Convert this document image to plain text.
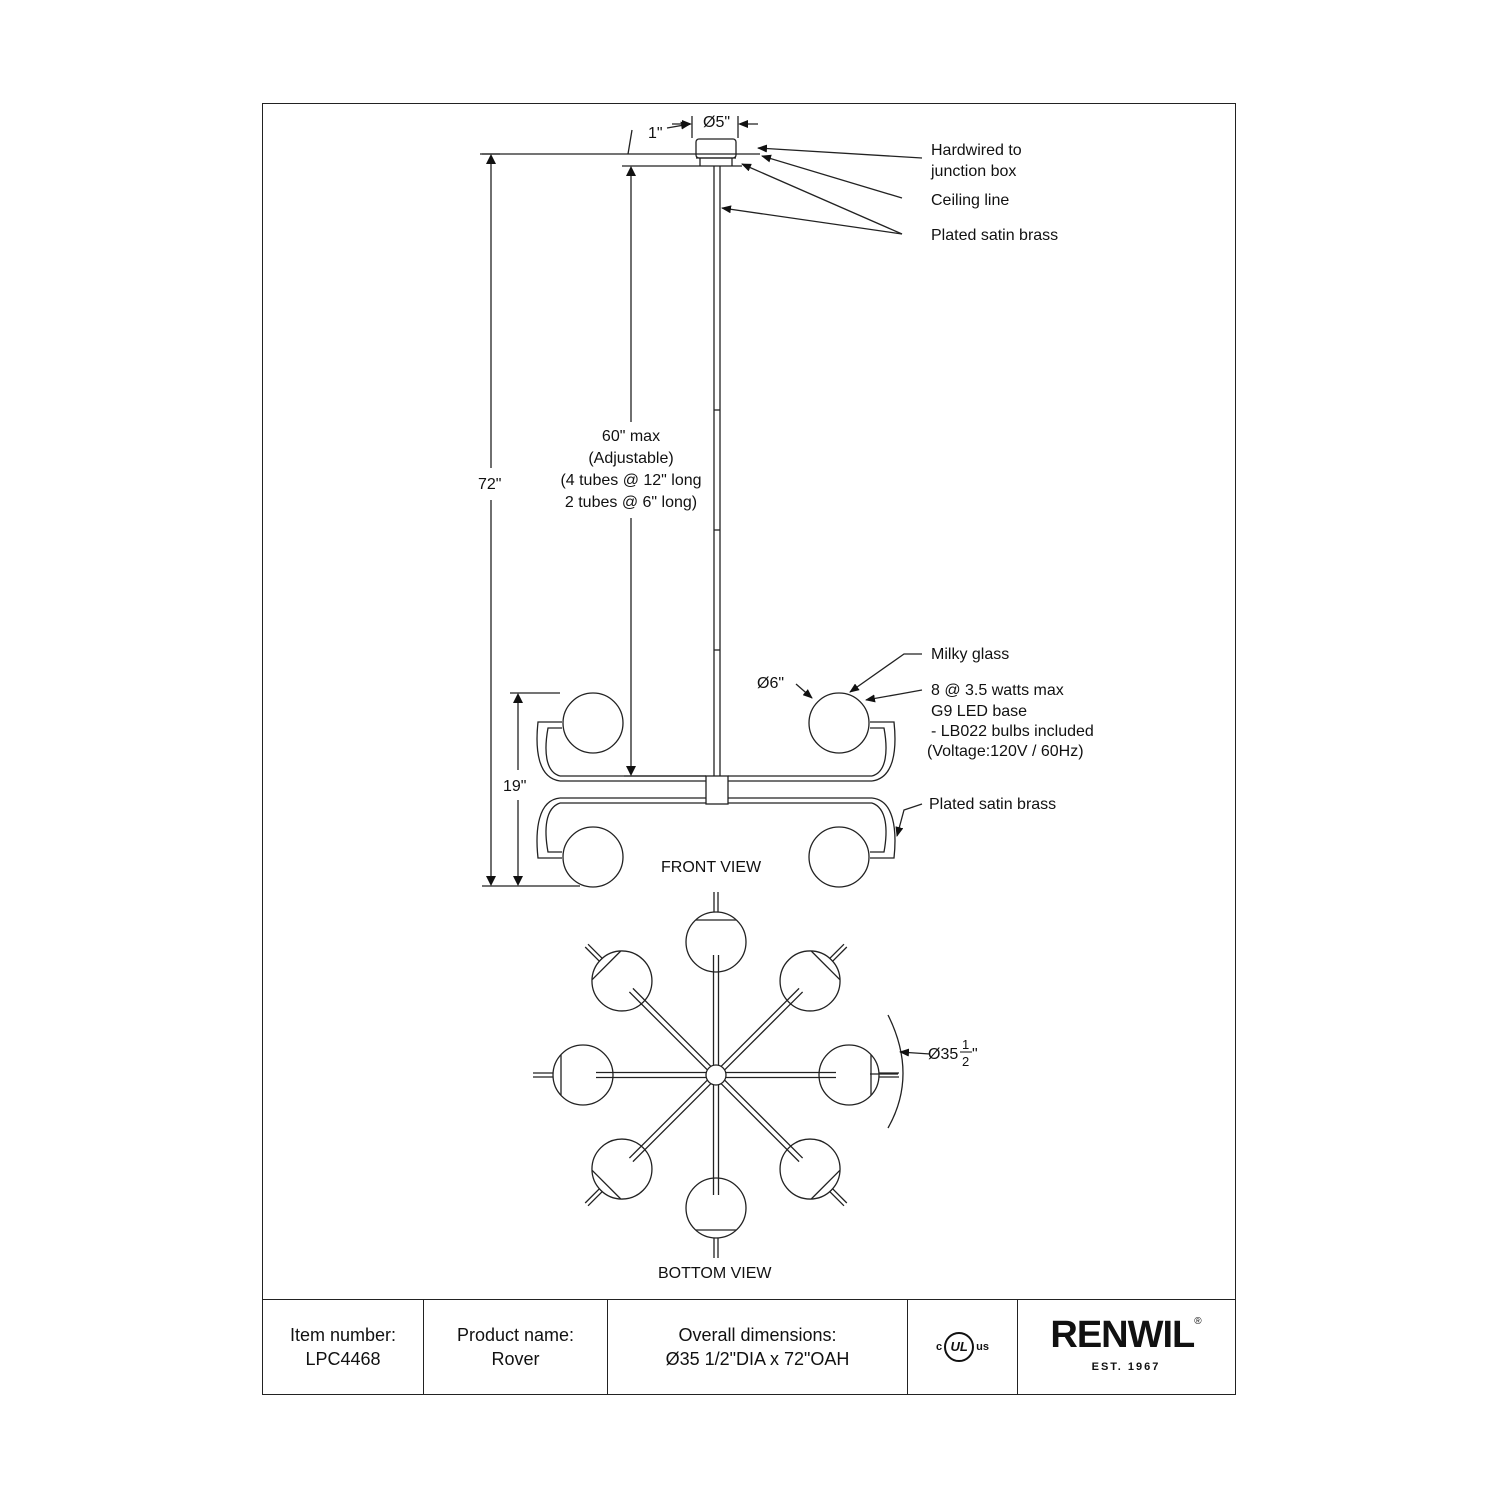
1"
Ø5"
72"
60" max
(Adjustable)
(4 tubes @ 12" long
2 tubes @ 6" long)
19"
Ø6"
Hardwired to
junction box
Ceiling line
Plated satin brass
Milky glass
8 @ 3.5 watts max
G9 LED base
- LB022 bulbs included
(Voltage:120V / 60Hz)
Plated satin brass
FRONT VIEW
BOTTOM VIEW
Ø35
1
2 "
Item number:
LPC4468
Product name:
Rover
Overall dimensions:
Ø35 1/2"DIA x 72"OAH
c UL us RENWIL ®
EST. 1967
